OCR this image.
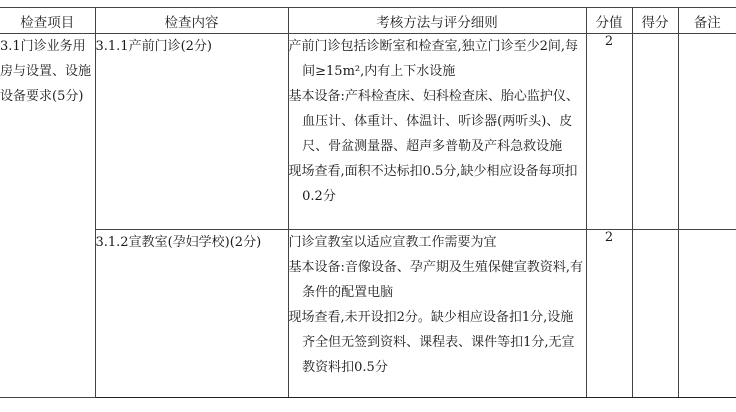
检查项目	检查内容	考核方法与评分细则	分值	得分	备注

3.1门诊业务用房与设置、设施设备要求(5分)	3.1.1产前门诊(2分)	产前门诊包括诊断室和检查室,独立门诊至少2间,每间≥15m²,内有上下水设施
基本设备:产科检查床、妇科检查床、胎心监护仪、血压计、体重计、体温计、听诊器(两听头)、皮尺、骨盆测量器、超声多普勒及产科急救设施
现场查看,面积不达标扣0.5分,缺少相应设备每项扣0.2分	2		
	3.1.2宣教室(孕妇学校)(2分)	门诊宣教室以适应宣教工作需要为宜
基本设备:音像设备、孕产期及生殖保健宣教资料,有条件的配置电脑
现场查看,未开设扣2分。缺少相应设备扣1分,设施齐全但无签到资料、课程表、课件等扣1分,无宣教资料扣0.5分	2		
